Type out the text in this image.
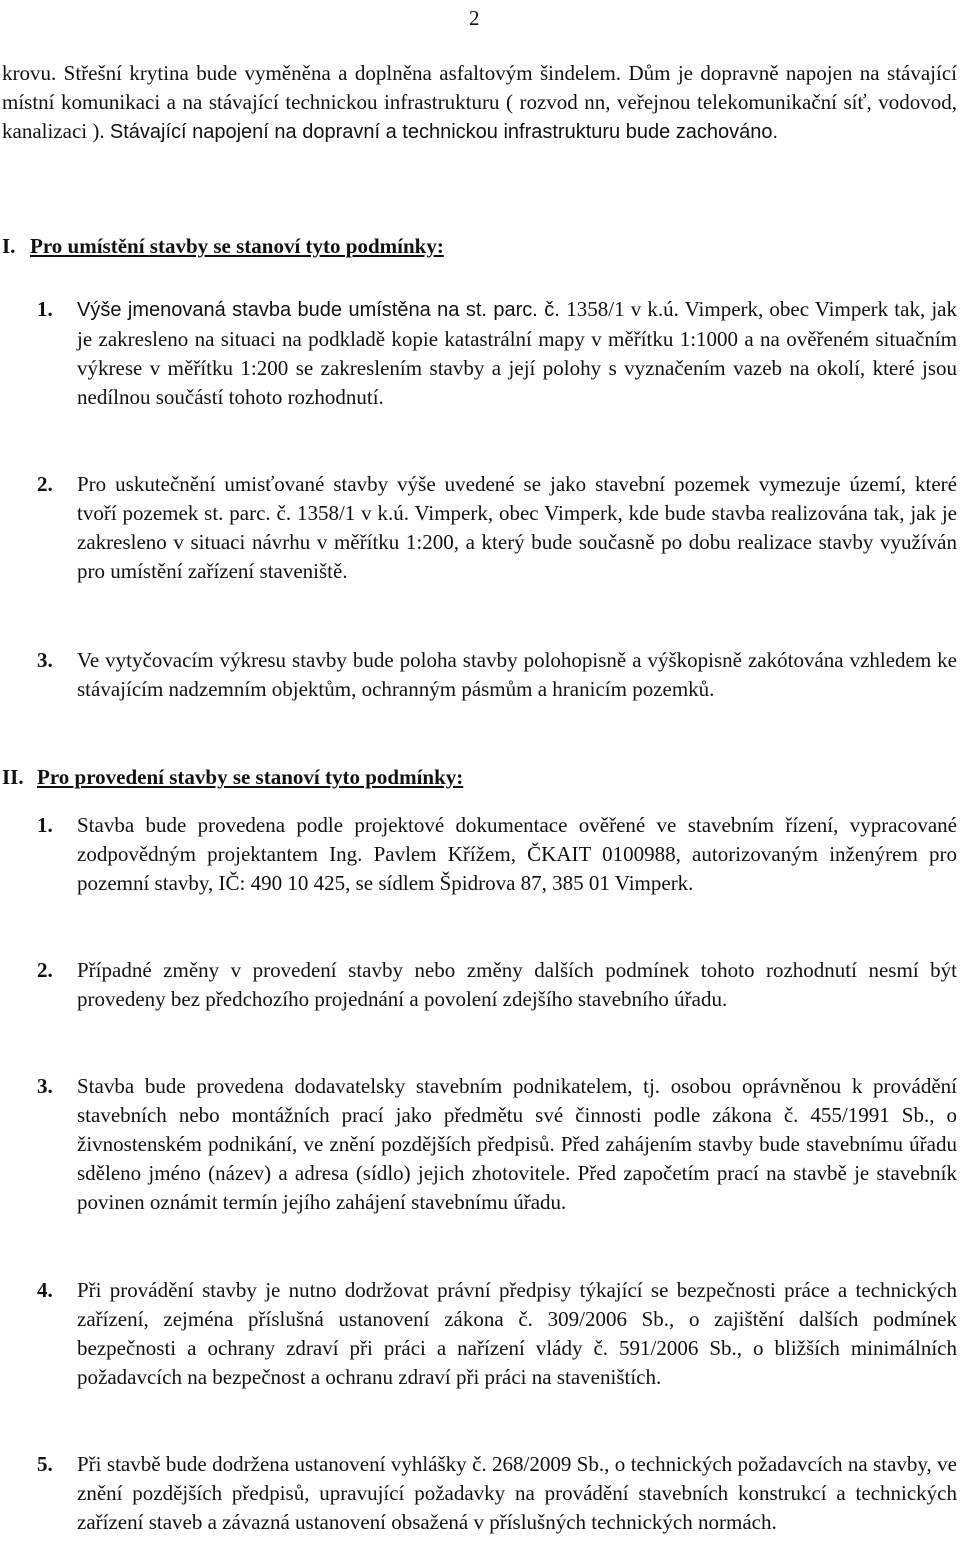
2
krovu. Střešní krytina bude vyměněna a doplněna asfaltovým šindelem. Dům je dopravně napojen na stávající místní komunikaci a na stávající technickou infrastrukturu ( rozvod nn, veřejnou telekomunikační síť, vodovod, kanalizaci ). Stávající napojení na dopravní a technickou infrastrukturu bude zachováno.
I. Pro umístění stavby se stanoví tyto podmínky:
1. Výše jmenovaná stavba bude umístěna na st. parc. č. 1358/1 v k.ú. Vimperk, obec Vimperk tak, jak je zakresleno na situaci na podkladě kopie katastrální mapy v měřítku 1:1000 a na ověřeném situačním výkrese v měřítku 1:200 se zakreslením stavby a její polohy s vyznačením vazeb na okolí, které jsou nedílnou součástí tohoto rozhodnutí.
2. Pro uskutečnění umisťované stavby výše uvedené se jako stavební pozemek vymezuje území, které tvoří pozemek st. parc. č. 1358/1 v k.ú. Vimperk, obec Vimperk, kde bude stavba realizována tak, jak je zakresleno v situaci návrhu v měřítku 1:200, a který bude současně po dobu realizace stavby využíván pro umístění zařízení staveniště.
3. Ve vytyčovacím výkresu stavby bude poloha stavby polohopisně a výškopisně zakótována vzhledem ke stávajícím nadzemním objektům, ochranným pásmům a hranicím pozemků.
II. Pro provedení stavby se stanoví tyto podmínky:
1. Stavba bude provedena podle projektové dokumentace ověřené ve stavebním řízení, vypracované zodpovědným projektantem Ing. Pavlem Křížem, ČKAIT 0100988, autorizovaným inženýrem pro pozemní stavby, IČ: 490 10 425, se sídlem Špidrova 87, 385 01 Vimperk.
2. Případné změny v provedení stavby nebo změny dalších podmínek tohoto rozhodnutí nesmí být provedeny bez předchozího projednání a povolení zdejšího stavebního úřadu.
3. Stavba bude provedena dodavatelsky stavebním podnikatelem, tj. osobou oprávněnou k provádění stavebních nebo montážních prací jako předmětu své činnosti podle zákona č. 455/1991 Sb., o živnostenském podnikání, ve znění pozdějších předpisů. Před zahájením stavby bude stavebnímu úřadu sděleno jméno (název) a adresa (sídlo) jejich zhotovitele. Před započetím prací na stavbě je stavebník povinen oznámit termín jejího zahájení stavebnímu úřadu.
4. Při provádění stavby je nutno dodržovat právní předpisy týkající se bezpečnosti práce a technických zařízení, zejména příslušná ustanovení zákona č. 309/2006 Sb., o zajištění dalších podmínek bezpečnosti a ochrany zdraví při práci a nařízení vlády č. 591/2006 Sb., o bližších minimálních požadavcích na bezpečnost a ochranu zdraví při práci na staveništích.
5. Při stavbě bude dodržena ustanovení vyhlášky č. 268/2009 Sb., o technických požadavcích na stavby, ve znění pozdějších předpisů, upravující požadavky na provádění stavebních konstrukcí a technických zařízení staveb a závazná ustanovení obsažená v příslušných technických normách.
